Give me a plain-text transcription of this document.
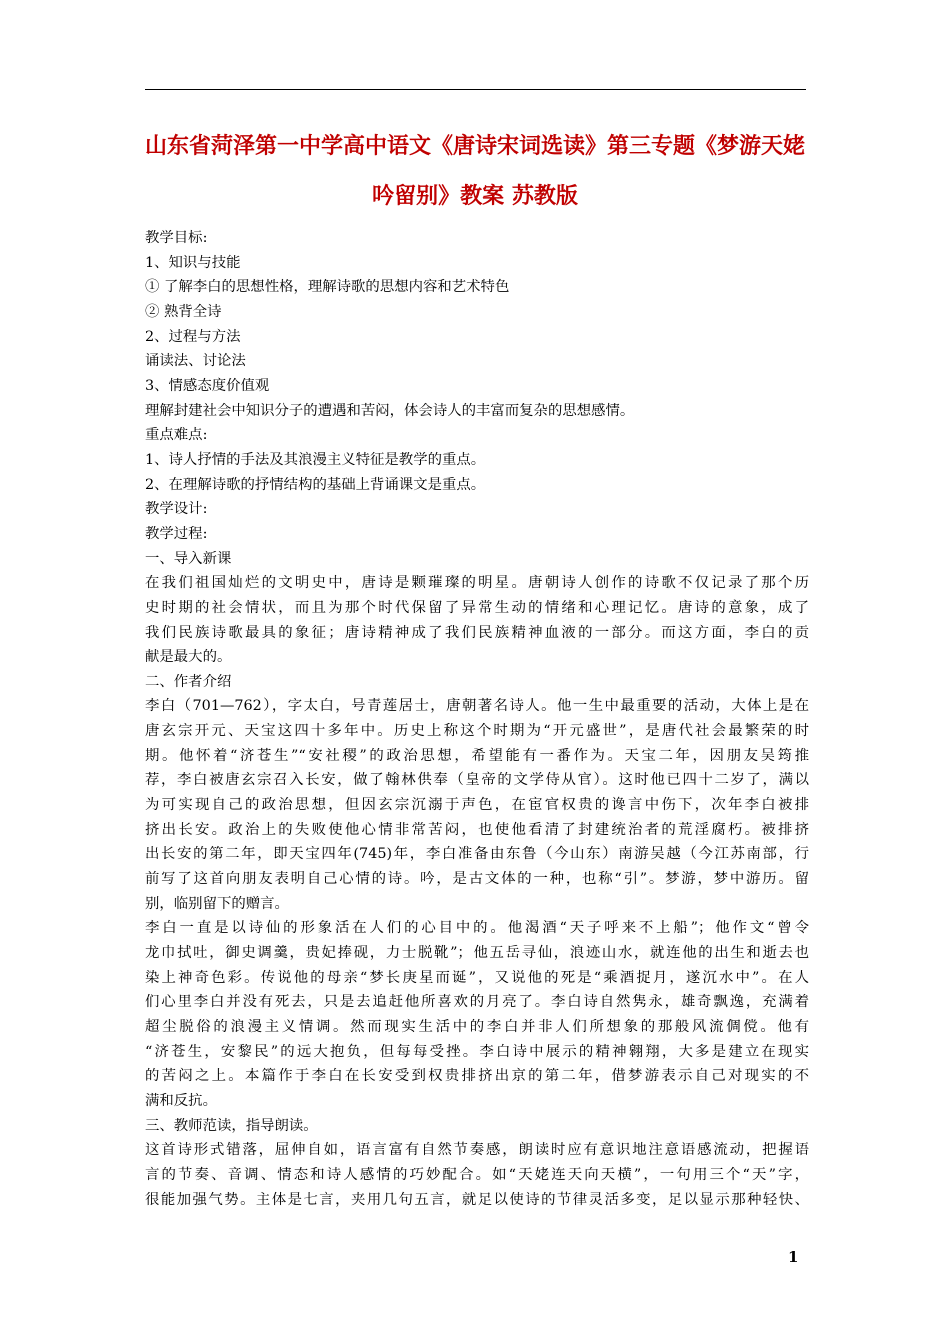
山东省菏泽第一中学高中语文《唐诗宋词选读》第三专题《梦游天姥
吟留别》教案 苏教版

教学目标:

1、知识与技能

① 了解李白的思想性格，理解诗歌的思想内容和艺术特色

② 熟背全诗

2、过程与方法

诵读法、讨论法

3、情感态度价值观

理解封建社会中知识分子的遭遇和苦闷，体会诗人的丰富而复杂的思想感情。

重点难点:

1、诗人抒情的手法及其浪漫主义特征是教学的重点。

2、在理解诗歌的抒情结构的基础上背诵课文是重点。

教学设计:

教学过程:

一、导入新课

在我们祖国灿烂的文明史中，唐诗是颗璀璨的明星。唐朝诗人创作的诗歌不仅记录了那个历

史时期的社会情状，而且为那个时代保留了异常生动的情绪和心理记忆。唐诗的意象，成了

我们民族诗歌最具的象征；唐诗精神成了我们民族精神血液的一部分。而这方面，李白的贡

献是最大的。

二、作者介绍

李白（701—762），字太白，号青莲居士，唐朝著名诗人。他一生中最重要的活动，大体上是在

唐玄宗开元、天宝这四十多年中。历史上称这个时期为“开元盛世”，是唐代社会最繁荣的时

期。他怀着“济苍生”“安社稷”的政治思想，希望能有一番作为。天宝二年，因朋友吴筠推

荐，李白被唐玄宗召入长安，做了翰林供奉（皇帝的文学侍从官）。这时他已四十二岁了，满以

为可实现自己的政治思想，但因玄宗沉溺于声色，在宦官权贵的谗言中伤下，次年李白被排

挤出长安。政治上的失败使他心情非常苦闷，也使他看清了封建统治者的荒淫腐朽。被排挤

出长安的第二年，即天宝四年(745)年，李白准备由东鲁（今山东）南游吴越（今江苏南部，行

前写了这首向朋友表明自己心情的诗。吟，是古文体的一种，也称“引”。梦游，梦中游历。留

别，临别留下的赠言。

李白一直是以诗仙的形象活在人们的心目中的。他渴酒“天子呼来不上船”；他作文“曾令

龙巾拭吐，御史调羹，贵妃捧砚，力士脱靴”；他五岳寻仙，浪迹山水，就连他的出生和逝去也

染上神奇色彩。传说他的母亲“梦长庚星而诞”，又说他的死是“乘酒捉月，遂沉水中”。在人

们心里李白并没有死去，只是去追赶他所喜欢的月亮了。李白诗自然隽永，雄奇飘逸，充满着

超尘脱俗的浪漫主义情调。然而现实生活中的李白并非人们所想象的那般风流倜傥。他有

“济苍生，安黎民”的远大抱负，但每每受挫。李白诗中展示的精神翱翔，大多是建立在现实

的苦闷之上。本篇作于李白在长安受到权贵排挤出京的第二年，借梦游表示自己对现实的不

满和反抗。

三、教师范读，指导朗读。

这首诗形式错落，屈伸自如，语言富有自然节奏感，朗读时应有意识地注意语感流动，把握语

言的节奏、音调、情态和诗人感情的巧妙配合。如“天姥连天向天横”，一句用三个“天”字，

很能加强气势。主体是七言，夹用几句五言，就足以使诗的节律灵活多变，足以显示那种轻快、

1
